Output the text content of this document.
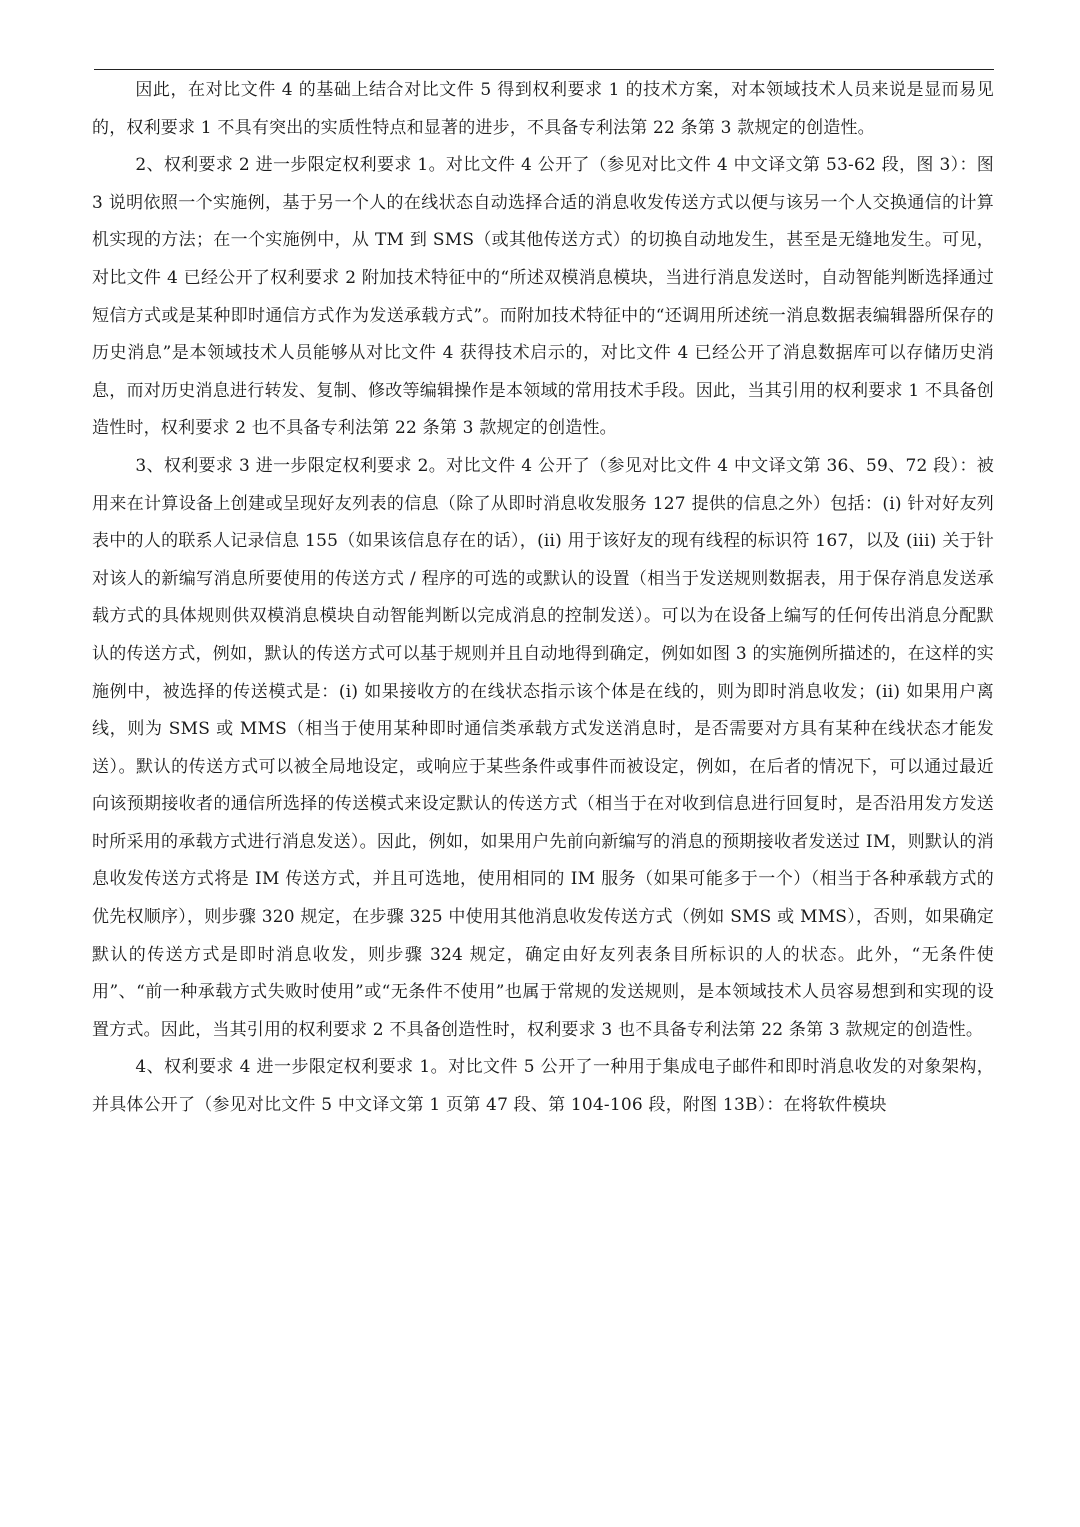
因此，在对比文件 4 的基础上结合对比文件 5 得到权利要求 1 的技术方案，对本领域技术人员来说是显而易见的，权利要求 1 不具有突出的实质性特点和显著的进步，不具备专利法第 22 条第 3 款规定的创造性。

2、权利要求 2 进一步限定权利要求 1。对比文件 4 公开了（参见对比文件 4 中文译文第 53-62 段，图 3）：图 3 说明依照一个实施例，基于另一个人的在线状态自动选择合适的消息收发传送方式以便与该另一个人交换通信的计算机实现的方法；在一个实施例中，从 TM 到 SMS（或其他传送方式）的切换自动地发生，甚至是无缝地发生。可见，对比文件 4 已经公开了权利要求 2 附加技术特征中的“所述双模消息模块，当进行消息发送时，自动智能判断选择通过短信方式或是某种即时通信方式作为发送承载方式”。而附加技术特征中的“还调用所述统一消息数据表编辑器所保存的历史消息”是本领域技术人员能够从对比文件 4 获得技术启示的，对比文件 4 已经公开了消息数据库可以存储历史消息，而对历史消息进行转发、复制、修改等编辑操作是本领域的常用技术手段。因此，当其引用的权利要求 1 不具备创造性时，权利要求 2 也不具备专利法第 22 条第 3 款规定的创造性。

3、权利要求 3 进一步限定权利要求 2。对比文件 4 公开了（参见对比文件 4 中文译文第 36、59、72 段）：被用来在计算设备上创建或呈现好友列表的信息（除了从即时消息收发服务 127 提供的信息之外）包括：(i) 针对好友列表中的人的联系人记录信息 155（如果该信息存在的话），(ii) 用于该好友的现有线程的标识符 167，以及 (iii) 关于针对该人的新编写消息所要使用的传送方式 / 程序的可选的或默认的设置（相当于发送规则数据表，用于保存消息发送承载方式的具体规则供双模消息模块自动智能判断以完成消息的控制发送）。可以为在设备上编写的任何传出消息分配默认的传送方式，例如，默认的传送方式可以基于规则并且自动地得到确定，例如如图 3 的实施例所描述的，在这样的实施例中，被选择的传送模式是：(i) 如果接收方的在线状态指示该个体是在线的，则为即时消息收发；(ii) 如果用户离线，则为 SMS 或 MMS（相当于使用某种即时通信类承载方式发送消息时，是否需要对方具有某种在线状态才能发送）。默认的传送方式可以被全局地设定，或响应于某些条件或事件而被设定，例如，在后者的情况下，可以通过最近向该预期接收者的通信所选择的传送模式来设定默认的传送方式（相当于在对收到信息进行回复时，是否沿用发方发送时所采用的承载方式进行消息发送）。因此，例如，如果用户先前向新编写的消息的预期接收者发送过 IM，则默认的消息收发传送方式将是 IM 传送方式，并且可选地，使用相同的 IM 服务（如果可能多于一个）（相当于各种承载方式的优先权顺序），则步骤 320 规定，在步骤 325 中使用其他消息收发传送方式（例如 SMS 或 MMS），否则，如果确定默认的传送方式是即时消息收发，则步骤 324 规定，确定由好友列表条目所标识的人的状态。此外，“无条件使用”、“前一种承载方式失败时使用”或“无条件不使用”也属于常规的发送规则，是本领域技术人员容易想到和实现的设置方式。因此，当其引用的权利要求 2 不具备创造性时，权利要求 3 也不具备专利法第 22 条第 3 款规定的创造性。

4、权利要求 4 进一步限定权利要求 1。对比文件 5 公开了一种用于集成电子邮件和即时消息收发的对象架构，并具体公开了（参见对比文件 5 中文译文第 1 页第 47 段、第 104-106 段，附图 13B）：在将软件模块
